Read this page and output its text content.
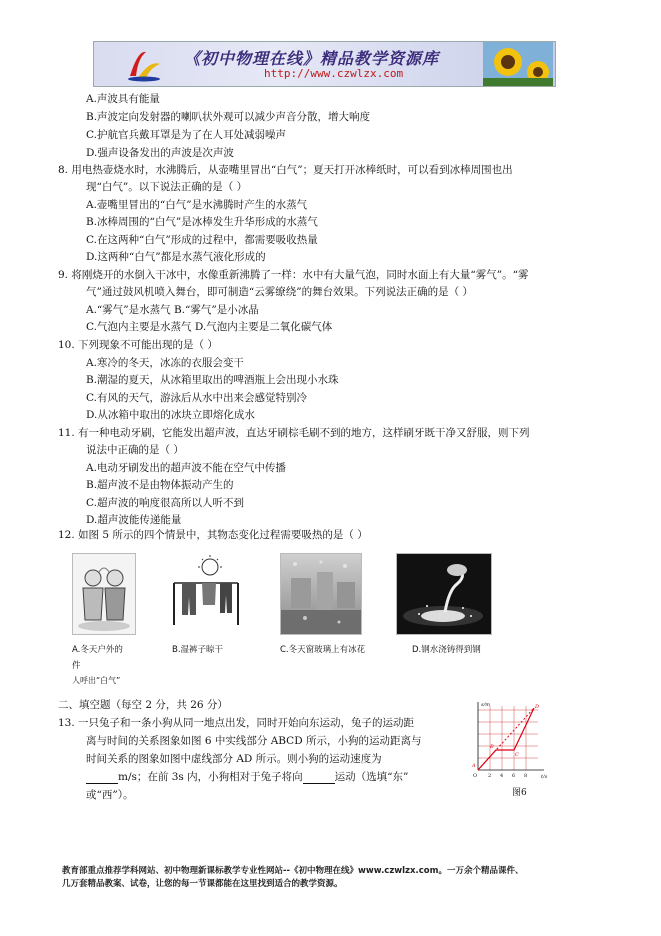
《初中物理在线》精品教学资源库
http://www.czwlzx.com
A.声波具有能量
B.声波定向发射器的喇叭状外观可以减少声音分散，增大响度
C.护航官兵戴耳罩是为了在人耳处减弱噪声
D.强声设备发出的声波是次声波
8. 用电热壶烧水时，水沸腾后，从壶嘴里冒出“白气”；夏天打开冰棒纸时，可以看到冰棒周围也出
现“白气”。以下说法正确的是（ ）
A.壶嘴里冒出的“白气”是水沸腾时产生的水蒸气
B.冰棒周围的“白气”是冰棒发生升华形成的水蒸气
C.在这两种“白气”形成的过程中，都需要吸收热量
D.这两种“白气”都是水蒸气液化形成的
9. 将刚烧开的水倒入干冰中，水像重新沸腾了一样：水中有大量气泡，同时水面上有大量“雾气”。“雾
气”通过鼓风机喷入舞台，即可制造“云雾缭绕”的舞台效果。下列说法正确的是（ ）
A.“雾气”是水蒸气 B.“雾气”是小冰晶
C.气泡内主要是水蒸气 D.气泡内主要是二氧化碳气体
10. 下列现象不可能出现的是（ ）
A.寒冷的冬天，冰冻的衣服会变干
B.潮湿的夏天，从冰箱里取出的啤酒瓶上会出现小水珠
C.有风的天气，游泳后从水中出来会感觉特别冷
D.从冰箱中取出的冰块立即熔化成水
11. 有一种电动牙刷，它能发出超声波，直达牙刷棕毛刷不到的地方，这样刷牙既干净又舒服，则下列
说法中正确的是（ ）
A.电动牙刷发出的超声波不能在空气中传播
B.超声波不是由物体振动产生的
C.超声波的响度很高所以人听不到
D.超声波能传递能量
12. 如图 5 所示的四个情景中，其物态变化过程需要吸热的是（ ）
A.冬天户外的
件
B.湿裤子晾干	C.冬天窗玻璃上有冰花	D.钢水浇铸得到钢
人呼出“白气”
二、填空题（每空 2 分，共 26 分）
13. 一只兔子和一条小狗从同一地点出发，同时开始向东运动，兔子的运动距
离与时间的关系图象如图 6 中实线部分 ABCD 所示，小狗的运动距离与
时间关系的图象如图中虚线部分 AD 所示。则小狗的运动速度为
m/s；在前 3s 内，小狗相对于兔子将向	运动（选填“东”
或“西”）。
s/m
t/s
O 2 4 6 8
A
B
C
D
图6
教育部重点推荐学科网站、初中物理新课标教学专业性网站--《初中物理在线》www.czwlzx.com。一万余个精品课件、
几万套精品教案、试卷，让您的每一节课都能在这里找到适合的教学资源。
